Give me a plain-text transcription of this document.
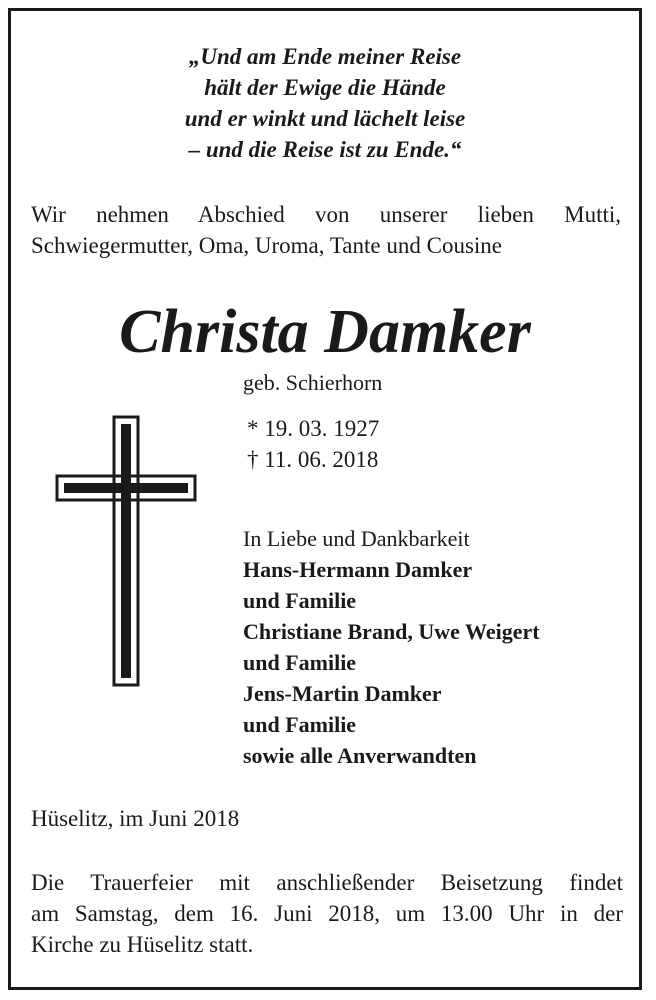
„Und am Ende meiner Reise
hält der Ewige die Hände
und er winkt und lächelt leise
– und die Reise ist zu Ende.“
Wir nehmen Abschied von unserer lieben Mutti,
Schwiegermutter, Oma, Uroma, Tante und Cousine
Christa Damker
geb. Schierhorn
* 19. 03. 1927
† 11. 06. 2018
In Liebe und Dankbarkeit
Hans-Hermann Damker
und Familie
Christiane Brand, Uwe Weigert
und Familie
Jens-Martin Damker
und Familie
sowie alle Anverwandten
Hüselitz, im Juni 2018
Die Trauerfeier mit anschließender Beisetzung findet
am Samstag, dem 16. Juni 2018, um 13.00 Uhr in der
Kirche zu Hüselitz statt.
